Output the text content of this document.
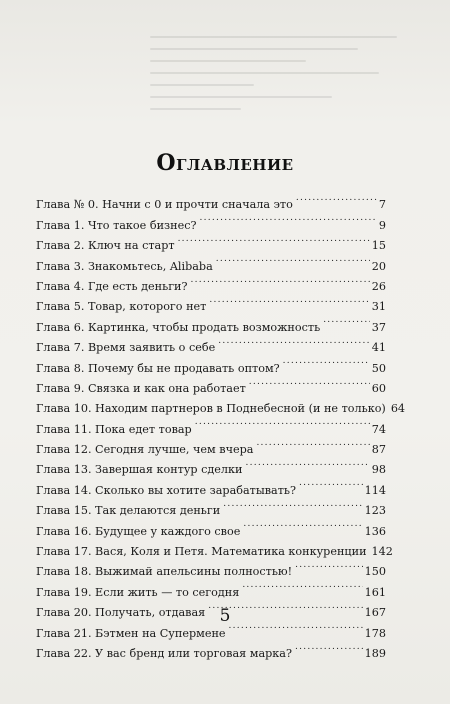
Оглавление
Глава № 0. Начни с 0 и прочти сначала это . . .	7
Глава 1. Что такое бизнес? . . .	9
Глава 2. Ключ на старт . . .	15
Глава 3. Знакомьтесь, Alibaba . . .	20
Глава 4. Где есть деньги? . . .	26
Глава 5. Товар, которого нет . . .	31
Глава 6. Картинка, чтобы продать возможность . . .	37
Глава 7. Время заявить о себе . . .	41
Глава 8. Почему бы не продавать оптом? . . .	50
Глава 9. Связка и как она работает . . .	60
Глава 10. Находим партнеров в Поднебесной (и не только) 64
Глава 11. Пока едет товар . . .	74
Глава 12. Сегодня лучше, чем вчера . . .	87
Глава 13. Завершая контур сделки . . .	98
Глава 14. Сколько вы хотите зарабатывать? . . .	114
Глава 15. Так делаются деньги . . .	123
Глава 16. Будущее у каждого свое . . .	136
Глава 17. Вася, Коля и Петя. Математика конкуренции 142
Глава 18. Выжимай апельсины полностью! . . .	150
Глава 19. Если жить — то сегодня . . .	161
Глава 20. Получать, отдавая . . .	167
Глава 21. Бэтмен на Супермене . . .	178
Глава 22. У вас бренд или торговая марка? . . .	189
5
